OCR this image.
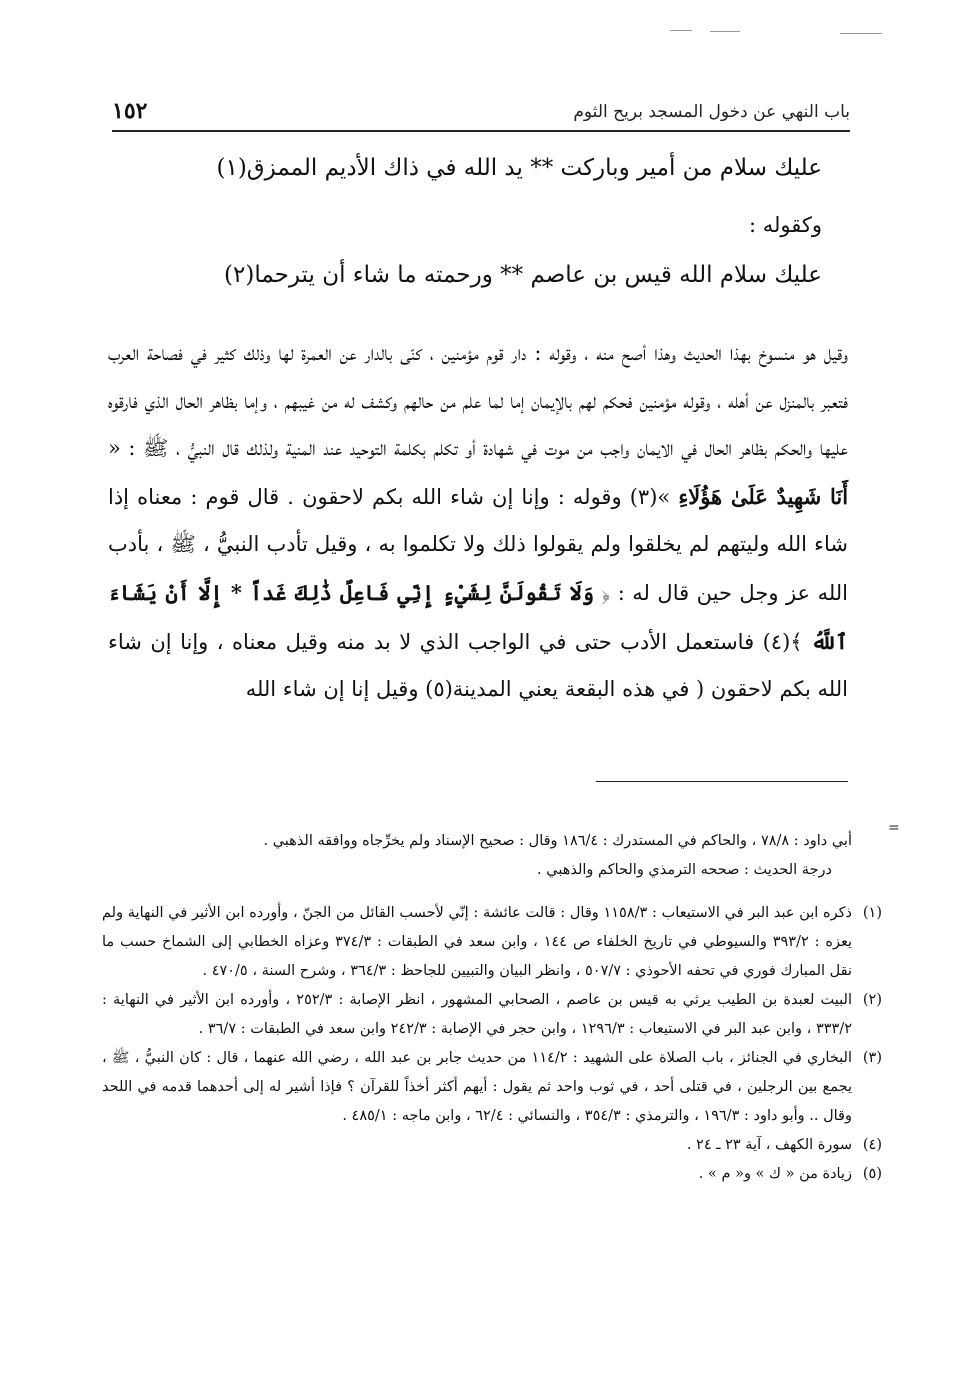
باب النهي عن دخول المسجد بريح الثوم
١٥٢
عليك سلام من أمير وباركت ** يد الله في ذاك الأديم الممزق(١)
وكقوله :
عليك سلام الله قيس بن عاصم ** ورحمته ما شاء أن يترحما(٢)
وقيل هو منسوخ بهذا الحديث وهذا أصح منه ، وقوله : دار قوم مؤمنين ، كنّى بالدار عن العمرة لها وذلك كثير في فصاحة العرب فتعبر بالمنزل عن أهله ، وقوله مؤمنين فحكم لهم بالإيمان إما لما علم من حالهم وكشف له من غيبهم ، وإما بظاهر الحال الذي فارقوه عليها والحكم بظاهر الحال في الايمان واجب من موت في شهادة أو تكلم بكلمة التوحيد عند المنية ولذلك قال النبيُّ ، ﷺ : « أَنَا شَهِيدٌ عَلَىٰ هَؤُلَاءِ »(٣) وقوله : وإنا إن شاء الله بكم لاحقون . قال قوم : معناه إذا شاء الله وليتهم لم يخلقوا ولم يقولوا ذلك ولا تكلموا به ، وقيل تأدب النبيُّ ، ﷺ ، بأدب الله عز وجل حين قال له : ﴿ وَلَا تَقُولَنَّ لِشَيْءٍ إِنِّي فَاعِلٌ ذَٰلِكَ غَداً * إِلَّا أَنْ يَشَاءَ ٱللَّهُ ﴾(٤) فاستعمل الأدب حتى في الواجب الذي لا بد منه وقيل معناه ، وإنا إن شاء الله بكم لاحقون ( في هذه البقعة يعني المدينة(٥) وقيل إنا إن شاء الله
=

أبي داود : ٧٨/٨ ، والحاكم في المستدرك : ١٨٦/٤ وقال : صحيح الإسناد ولم يخرِّجاه ووافقه الذهبي .
درجة الحديث : صححه الترمذي والحاكم والذهبي .

(١)
ذكره ابن عبد البر في الاستيعاب : ١١٥٨/٣ وقال : قالت عائشة : إنّي لأحسب القائل من الجنّ ، وأورده ابن الأثير في النهاية ولم يعزه : ٣٩٣/٢ والسيوطي في تاريخ الخلفاء ص ١٤٤ ، وابن سعد في الطبقات : ٣٧٤/٣ وعزاه الخطابي إلى الشماخ حسب ما نقل المبارك فوري في تحفه الأحوذي : ٥٠٧/٧ ، وانظر البيان والتبيين للجاحظ : ٣٦٤/٣ ، وشرح السنة ، ٤٧٠/٥ .

(٢)
البيت لعبدة بن الطيب يرثي به قيس بن عاصم ، الصحابي المشهور ، انظر الإصابة : ٢٥٢/٣ ، وأورده ابن الأثير في النهاية : ٣٣٣/٢ ، وابن عبد البر في الاستيعاب : ١٢٩٦/٣ ، وابن حجر في الإصابة : ٢٤٢/٣ وابن سعد في الطبقات : ٣٦/٧ .

(٣)
البخاري في الجنائز ، باب الصلاة على الشهيد : ١١٤/٢ من حديث جابر بن عبد الله ، رضي الله عنهما ، قال : كان النبيُّ ، ﷺ ، يجمع بين الرجلين ، في قتلى أحد ، في ثوب واحد ثم يقول : أيهم أكثر أخذاً للقرآن ؟ فإذا أشير له إلى أحدهما قدمه في اللحد وقال .. وأبو داود : ١٩٦/٣ ، والترمذي : ٣٥٤/٣ ، والنسائي : ٦٢/٤ ، وابن ماجه : ٤٨٥/١ .

(٤)
سورة الكهف ، آية ٢٣ ـ ٢٤ .

(٥)
زيادة من « ك » و« م » .
